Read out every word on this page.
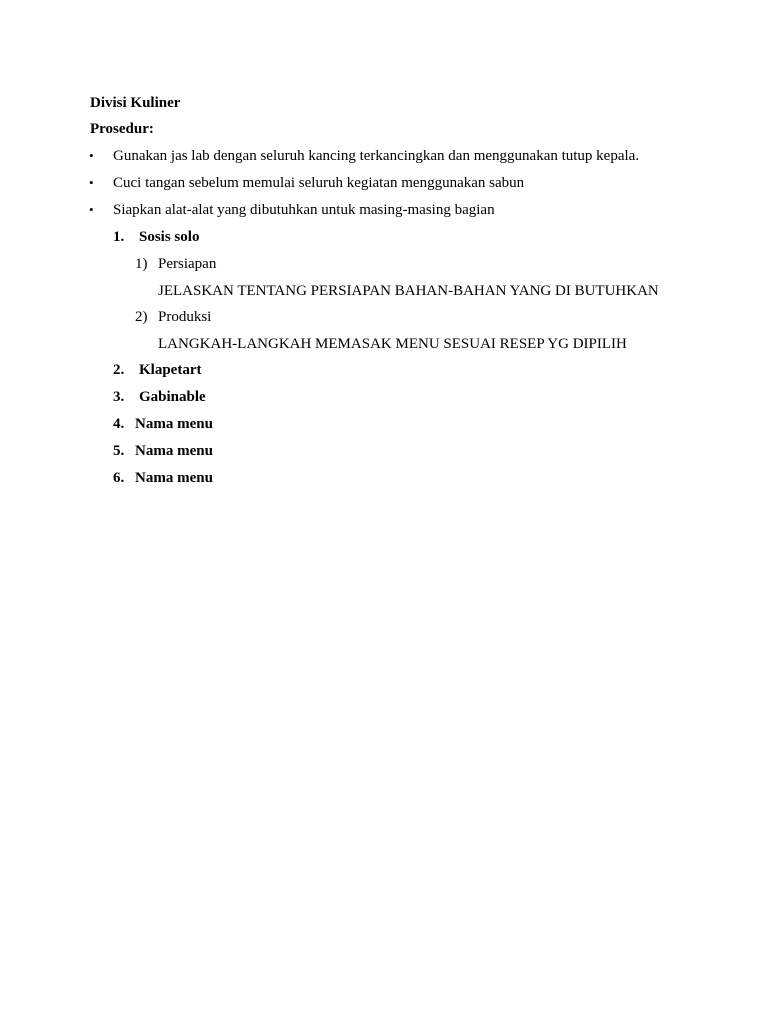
Divisi Kuliner
Prosedur:
• Gunakan jas lab dengan seluruh kancing terkancingkan dan menggunakan tutup kepala.
• Cuci tangan sebelum memulai seluruh kegiatan menggunakan sabun
• Siapkan alat-alat yang dibutuhkan untuk masing-masing bagian
1. Sosis solo
1) Persiapan
JELASKAN TENTANG PERSIAPAN BAHAN-BAHAN YANG DI BUTUHKAN
2) Produksi
LANGKAH-LANGKAH MEMASAK MENU SESUAI RESEP YG DIPILIH
2. Klapetart
3. Gabinable
4. Nama menu
5. Nama menu
6. Nama menu
